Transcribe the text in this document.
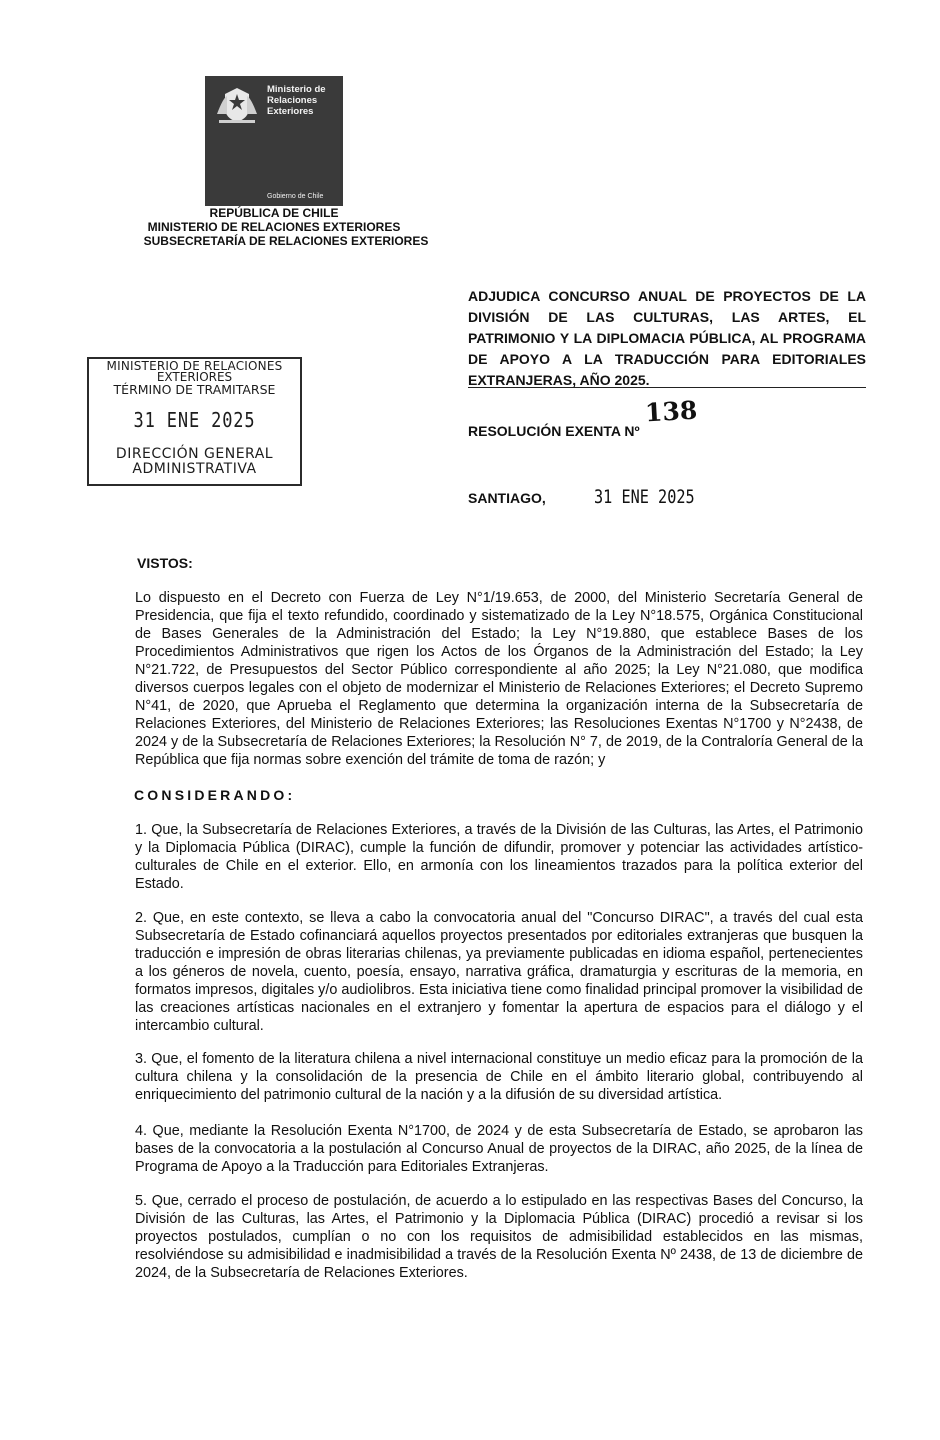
Ministerio de
Relaciones
Exteriores
Gobierno de Chile
REPÚBLICA DE CHILE
MINISTERIO DE RELACIONES EXTERIORES
SUBSECRETARÍA DE RELACIONES EXTERIORES
MINISTERIO DE RELACIONES
EXTERIORES
TÉRMINO DE TRAMITARSE
31 ENE 2025
DIRECCIÓN GENERAL
ADMINISTRATIVA
ADJUDICA CONCURSO ANUAL DE PROYECTOS DE LA DIVISIÓN DE LAS CULTURAS, LAS ARTES, EL PATRIMONIO Y LA DIPLOMACIA PÚBLICA, AL PROGRAMA DE APOYO A LA TRADUCCIÓN PARA EDITORIALES EXTRANJERAS, AÑO 2025.
RESOLUCIÓN EXENTA Nº
138
SANTIAGO,	31 ENE 2025
VISTOS:
Lo dispuesto en el Decreto con Fuerza de Ley N°1/19.653, de 2000, del Ministerio Secretaría General de Presidencia, que fija el texto refundido, coordinado y sistematizado de la Ley N°18.575, Orgánica Constitucional de Bases Generales de la Administración del Estado; la Ley N°19.880, que establece Bases de los Procedimientos Administrativos que rigen los Actos de los Órganos de la Administración del Estado; la Ley N°21.722, de Presupuestos del Sector Público correspondiente al año 2025; la Ley N°21.080, que modifica diversos cuerpos legales con el objeto de modernizar el Ministerio de Relaciones Exteriores; el Decreto Supremo N°41, de 2020, que Aprueba el Reglamento que determina la organización interna de la Subsecretaría de Relaciones Exteriores, del Ministerio de Relaciones Exteriores; las Resoluciones Exentas N°1700 y N°2438, de 2024 y de la Subsecretaría de Relaciones Exteriores; la Resolución N° 7, de 2019, de la Contraloría General de la República que fija normas sobre exención del trámite de toma de razón; y
CONSIDERANDO:
1. Que, la Subsecretaría de Relaciones Exteriores, a través de la División de las Culturas, las Artes, el Patrimonio y la Diplomacia Pública (DIRAC), cumple la función de difundir, promover y potenciar las actividades artístico-culturales de Chile en el exterior. Ello, en armonía con los lineamientos trazados para la política exterior del Estado.
2. Que, en este contexto, se lleva a cabo la convocatoria anual del "Concurso DIRAC", a través del cual esta Subsecretaría de Estado cofinanciará aquellos proyectos presentados por editoriales extranjeras que busquen la traducción e impresión de obras literarias chilenas, ya previamente publicadas en idioma español, pertenecientes a los géneros de novela, cuento, poesía, ensayo, narrativa gráfica, dramaturgia y escrituras de la memoria, en formatos impresos, digitales y/o audiolibros. Esta iniciativa tiene como finalidad principal promover la visibilidad de las creaciones artísticas nacionales en el extranjero y fomentar la apertura de espacios para el diálogo y el intercambio cultural.
3. Que, el fomento de la literatura chilena a nivel internacional constituye un medio eficaz para la promoción de la cultura chilena y la consolidación de la presencia de Chile en el ámbito literario global, contribuyendo al enriquecimiento del patrimonio cultural de la nación y a la difusión de su diversidad artística.
4. Que, mediante la Resolución Exenta N°1700, de 2024 y de esta Subsecretaría de Estado, se aprobaron las bases de la convocatoria a la postulación al Concurso Anual de proyectos de la DIRAC, año 2025, de la línea de Programa de Apoyo a la Traducción para Editoriales Extranjeras.
5. Que, cerrado el proceso de postulación, de acuerdo a lo estipulado en las respectivas Bases del Concurso, la División de las Culturas, las Artes, el Patrimonio y la Diplomacia Pública (DIRAC) procedió a revisar si los proyectos postulados, cumplían o no con los requisitos de admisibilidad establecidos en las mismas, resolviéndose su admisibilidad e inadmisibilidad a través de la Resolución Exenta Nº 2438, de 13 de diciembre de 2024, de la Subsecretaría de Relaciones Exteriores.
